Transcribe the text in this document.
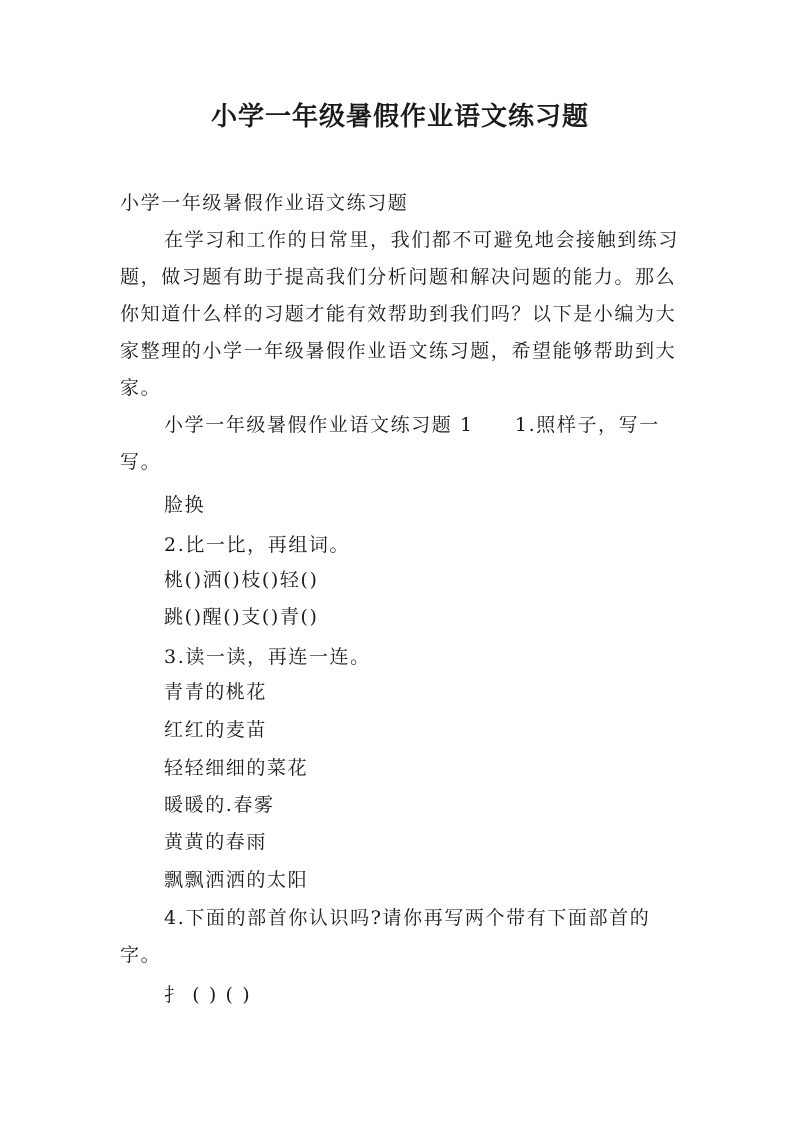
小学一年级暑假作业语文练习题

小学一年级暑假作业语文练习题

在学习和工作的日常里，我们都不可避免地会接触到练习题，做习题有助于提高我们分析问题和解决问题的能力。那么你知道什么样的习题才能有效帮助到我们吗？以下是小编为大家整理的小学一年级暑假作业语文练习题，希望能够帮助到大家。

小学一年级暑假作业语文练习题 1　　1.照样子，写一写。

脸换
2.比一比，再组词。
桃()洒()枝()轻()
跳()醒()支()青()
3.读一读，再连一连。
青青的桃花
红红的麦苗
轻轻细细的菜花
暖暖的.春雾
黄黄的春雨
飘飘洒洒的太阳

4.下面的部首你认识吗?请你再写两个带有下面部首的字。

扌 ( ) ( )
